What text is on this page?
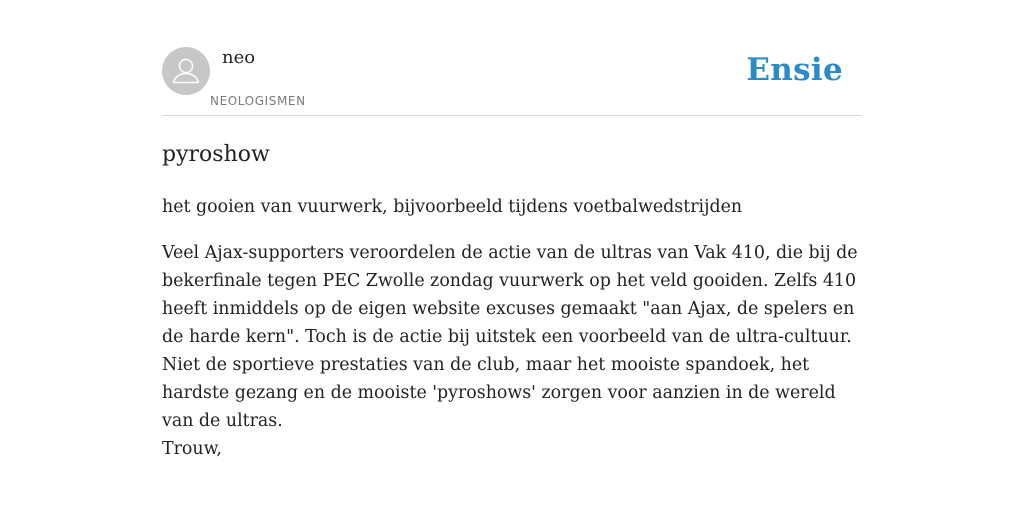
neo
NEOLOGISMEN
Ensie
pyroshow

het gooien van vuurwerk, bijvoorbeeld tijdens voetbalwedstrijden

Veel Ajax-supporters veroordelen de actie van de ultras van Vak 410, die bij de bekerfinale tegen PEC Zwolle zondag vuurwerk op het veld gooiden. Zelfs 410 heeft inmiddels op de eigen website excuses gemaakt "aan Ajax, de spelers en de harde kern". Toch is de actie bij uitstek een voorbeeld van de ultra-cultuur. Niet de sportieve prestaties van de club, maar het mooiste spandoek, het hardste gezang en de mooiste 'pyroshows' zorgen voor aanzien in de wereld van de ultras.

Trouw,
